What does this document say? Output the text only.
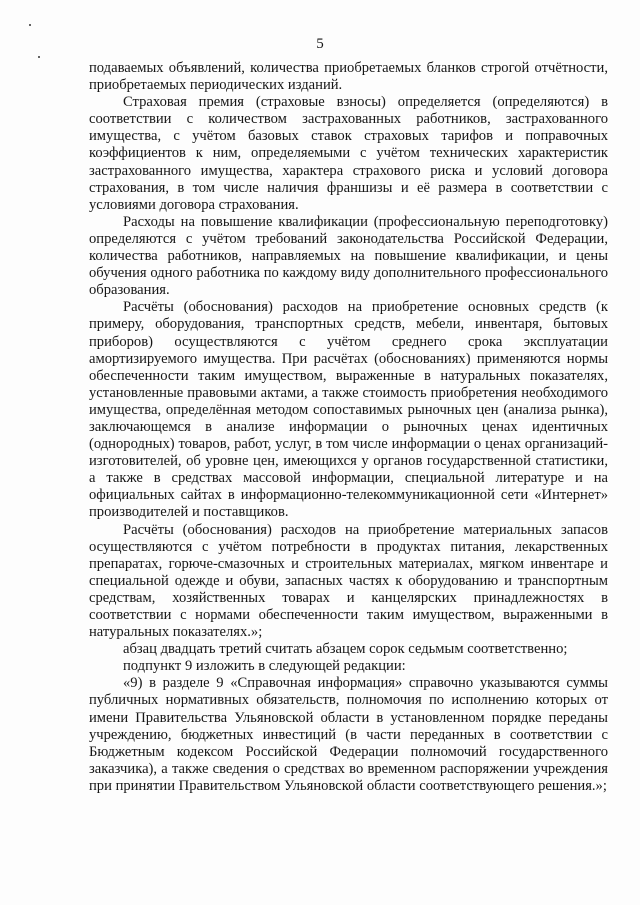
5

подаваемых объявлений, количества приобретаемых бланков строгой отчётности, приобретаемых периодических изданий.

Страховая премия (страховые взносы) определяется (определяются) в соответствии с количеством застрахованных работников, застрахованного имущества, с учётом базовых ставок страховых тарифов и поправочных коэффициентов к ним, определяемыми с учётом технических характеристик застрахованного имущества, характера страхового риска и условий договора страхования, в том числе наличия франшизы и её размера в соответствии с условиями договора страхования.

Расходы на повышение квалификации (профессиональную переподготовку) определяются с учётом требований законодательства Российской Федерации, количества работников, направляемых на повышение квалификации, и цены обучения одного работника по каждому виду дополнительного профессионального образования.

Расчёты (обоснования) расходов на приобретение основных средств (к примеру, оборудования, транспортных средств, мебели, инвентаря, бытовых приборов) осуществляются с учётом среднего срока эксплуатации амортизируемого имущества. При расчётах (обоснованиях) применяются нормы обеспеченности таким имуществом, выраженные в натуральных показателях, установленные правовыми актами, а также стоимость приобретения необходимого имущества, определённая методом сопоставимых рыночных цен (анализа рынка), заключающемся в анализе информации о рыночных ценах идентичных (однородных) товаров, работ, услуг, в том числе информации о ценах организаций-изготовителей, об уровне цен, имеющихся у органов государственной статистики, а также в средствах массовой информации, специальной литературе и на официальных сайтах в информационно-телекоммуникационной сети «Интернет» производителей и поставщиков.

Расчёты (обоснования) расходов на приобретение материальных запасов осуществляются с учётом потребности в продуктах питания, лекарственных препаратах, горюче-смазочных и строительных материалах, мягком инвентаре и специальной одежде и обуви, запасных частях к оборудованию и транспортным средствам, хозяйственных товарах и канцелярских принадлежностях в соответствии с нормами обеспеченности таким имуществом, выраженными в натуральных показателях.»;

абзац двадцать третий считать абзацем сорок седьмым соответственно;

подпункт 9 изложить в следующей редакции:

«9) в разделе 9 «Справочная информация» справочно указываются суммы публичных нормативных обязательств, полномочия по исполнению которых от имени Правительства Ульяновской области в установленном порядке переданы учреждению, бюджетных инвестиций (в части переданных в соответствии с Бюджетным кодексом Российской Федерации полномочий государственного заказчика), а также сведения о средствах во временном распоряжении учреждения при принятии Правительством Ульяновской области соответствующего решения.»;
